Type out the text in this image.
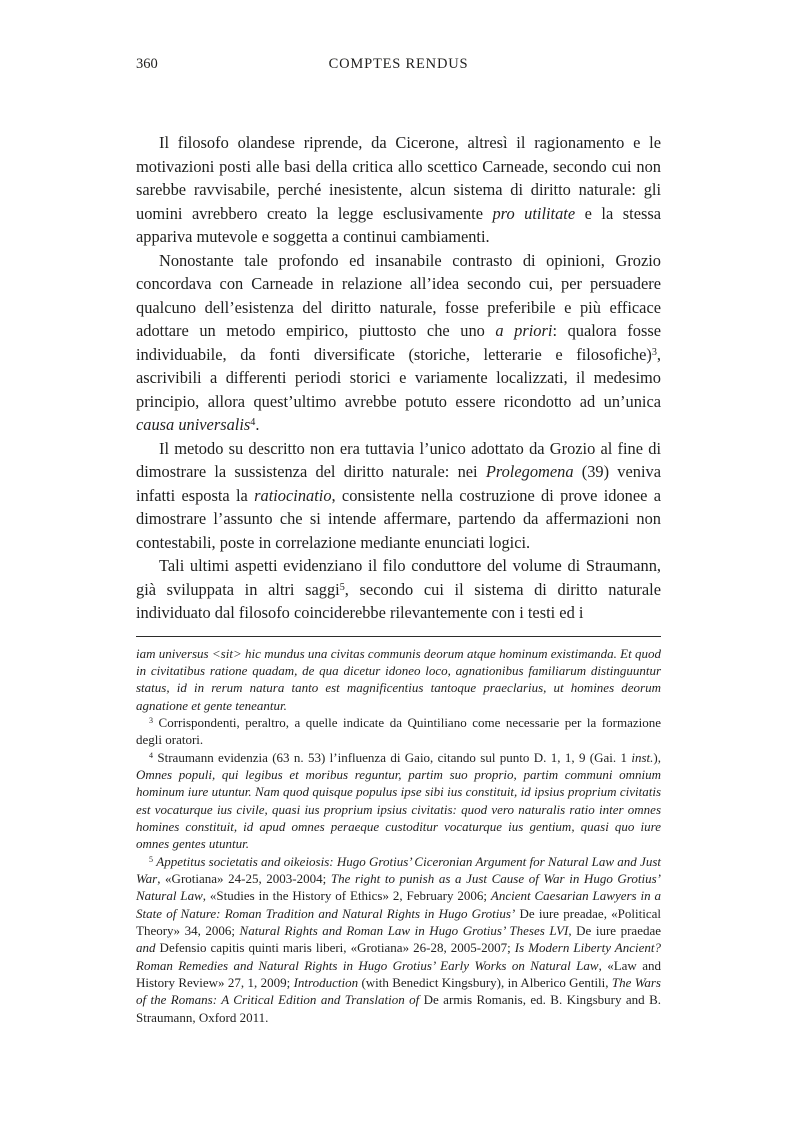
360	COMPTES RENDUS

Il filosofo olandese riprende, da Cicerone, altresì il ragionamento e le motivazioni posti alle basi della critica allo scettico Carneade, secondo cui non sarebbe ravvisabile, perché inesistente, alcun sistema di diritto naturale: gli uomini avrebbero creato la legge esclusivamente pro utilitate e la stessa appariva mutevole e soggetta a continui cambiamenti.

Nonostante tale profondo ed insanabile contrasto di opinioni, Grozio concordava con Carneade in relazione all’idea secondo cui, per persuadere qualcuno dell’esistenza del diritto naturale, fosse preferibile e più efficace adottare un metodo empirico, piuttosto che uno a priori: qualora fosse individuabile, da fonti diversificate (storiche, letterarie e filosofiche)$^3$, ascrivibili a differenti periodi storici e variamente localizzati, il medesimo principio, allora quest’ultimo avrebbe potuto essere ricondotto ad un’unica causa universalis$^4$.

Il metodo su descritto non era tuttavia l’unico adottato da Grozio al fine di dimostrare la sussistenza del diritto naturale: nei Prolegomena (39) veniva infatti esposta la ratiocinatio, consistente nella costruzione di prove idonee a dimostrare l’assunto che si intende affermare, partendo da affermazioni non contestabili, poste in correlazione mediante enunciati logici.

Tali ultimi aspetti evidenziano il filo conduttore del volume di Straumann, già sviluppata in altri saggi$^5$, secondo cui il sistema di diritto naturale individuato dal filosofo coinciderebbe rilevantemente con i testi ed i

iam universus <sit> hic mundus una civitas communis deorum atque hominum existimanda. Et quod in civitatibus ratione quadam, de qua dicetur idoneo loco, agnationibus familiarum distinguuntur status, id in rerum natura tanto est magnificentius tantoque praeclarius, ut homines deorum agnatione et gente teneantur.

$^3$ Corrispondenti, peraltro, a quelle indicate da Quintiliano come necessarie per la formazione degli oratori.

$^4$ Straumann evidenzia (63 n. 53) l’influenza di Gaio, citando sul punto D. 1, 1, 9 (Gai. 1 inst.), Omnes populi, qui legibus et moribus reguntur, partim suo proprio, partim communi omnium hominum iure utuntur. Nam quod quisque populus ipse sibi ius constituit, id ipsius proprium civitatis est vocaturque ius civile, quasi ius proprium ipsius civitatis: quod vero naturalis ratio inter omnes homines constituit, id apud omnes peraeque custoditur vocaturque ius gentium, quasi quo iure omnes gentes utuntur.

$^5$ Appetitus societatis and oikeiosis: Hugo Grotius’ Ciceronian Argument for Natural Law and Just War, «Grotiana» 24-25, 2003-2004; The right to punish as a Just Cause of War in Hugo Grotius’ Natural Law, «Studies in the History of Ethics» 2, February 2006; Ancient Caesarian Lawyers in a State of Nature: Roman Tradition and Natural Rights in Hugo Grotius’ De iure preadae, «Political Theory» 34, 2006; Natural Rights and Roman Law in Hugo Grotius’ Theses LVI, De iure praedae and Defensio capitis quinti maris liberi, «Grotiana» 26-28, 2005-2007; Is Modern Liberty Ancient? Roman Remedies and Natural Rights in Hugo Grotius’ Early Works on Natural Law, «Law and History Review» 27, 1, 2009; Introduction (with Benedict Kingsbury), in Alberico Gentili, The Wars of the Romans: A Critical Edition and Translation of De armis Romanis, ed. B. Kingsbury and B. Straumann, Oxford 2011.
